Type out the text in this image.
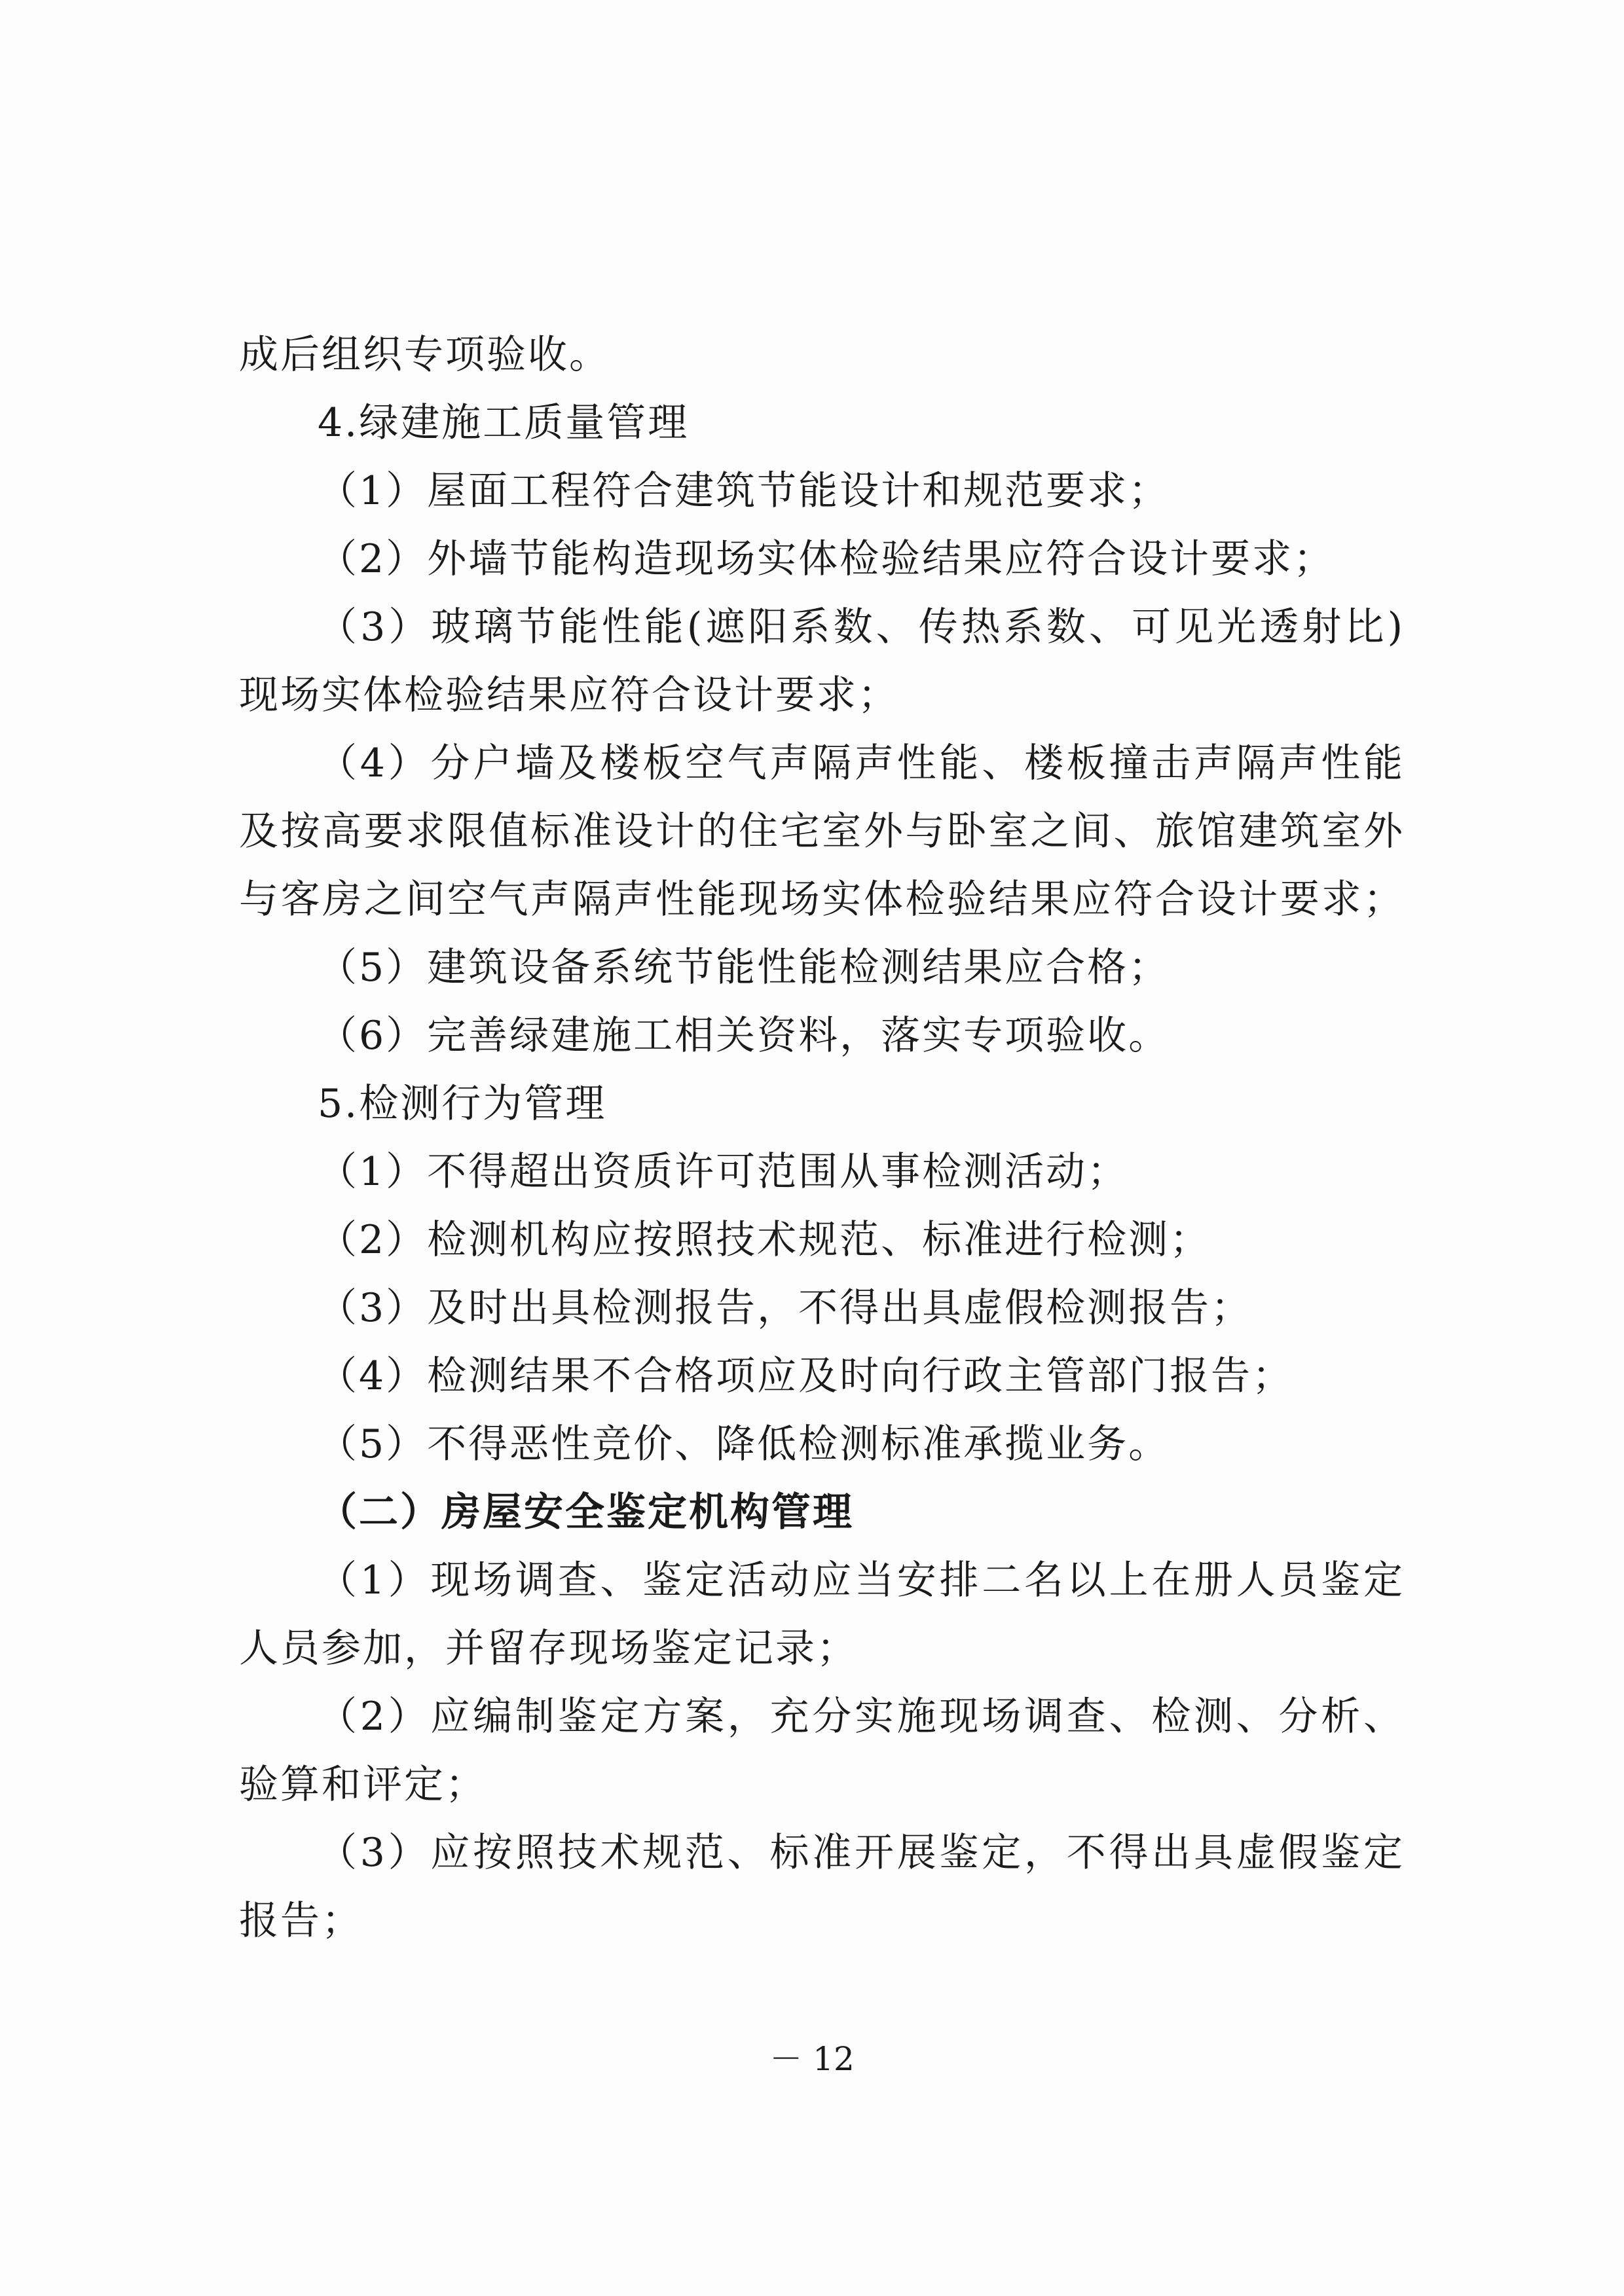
成后组织专项验收。
4.绿建施工质量管理
（1）屋面工程符合建筑节能设计和规范要求；
（2）外墙节能构造现场实体检验结果应符合设计要求；
（3）玻璃节能性能(遮阳系数、传热系数、可见光透射比)
现场实体检验结果应符合设计要求；
（4）分户墙及楼板空气声隔声性能、楼板撞击声隔声性能
及按高要求限值标准设计的住宅室外与卧室之间、旅馆建筑室外
与客房之间空气声隔声性能现场实体检验结果应符合设计要求；
（5）建筑设备系统节能性能检测结果应合格；
（6）完善绿建施工相关资料，落实专项验收。
5.检测行为管理
（1）不得超出资质许可范围从事检测活动；
（2）检测机构应按照技术规范、标准进行检测；
（3）及时出具检测报告，不得出具虚假检测报告；
（4）检测结果不合格项应及时向行政主管部门报告；
（5）不得恶性竞价、降低检测标准承揽业务。
（二）房屋安全鉴定机构管理
（1）现场调查、鉴定活动应当安排二名以上在册人员鉴定
人员参加，并留存现场鉴定记录；
（2）应编制鉴定方案，充分实施现场调查、检测、分析、
验算和评定；
（3）应按照技术规范、标准开展鉴定，不得出具虚假鉴定
报告；
－ 12
